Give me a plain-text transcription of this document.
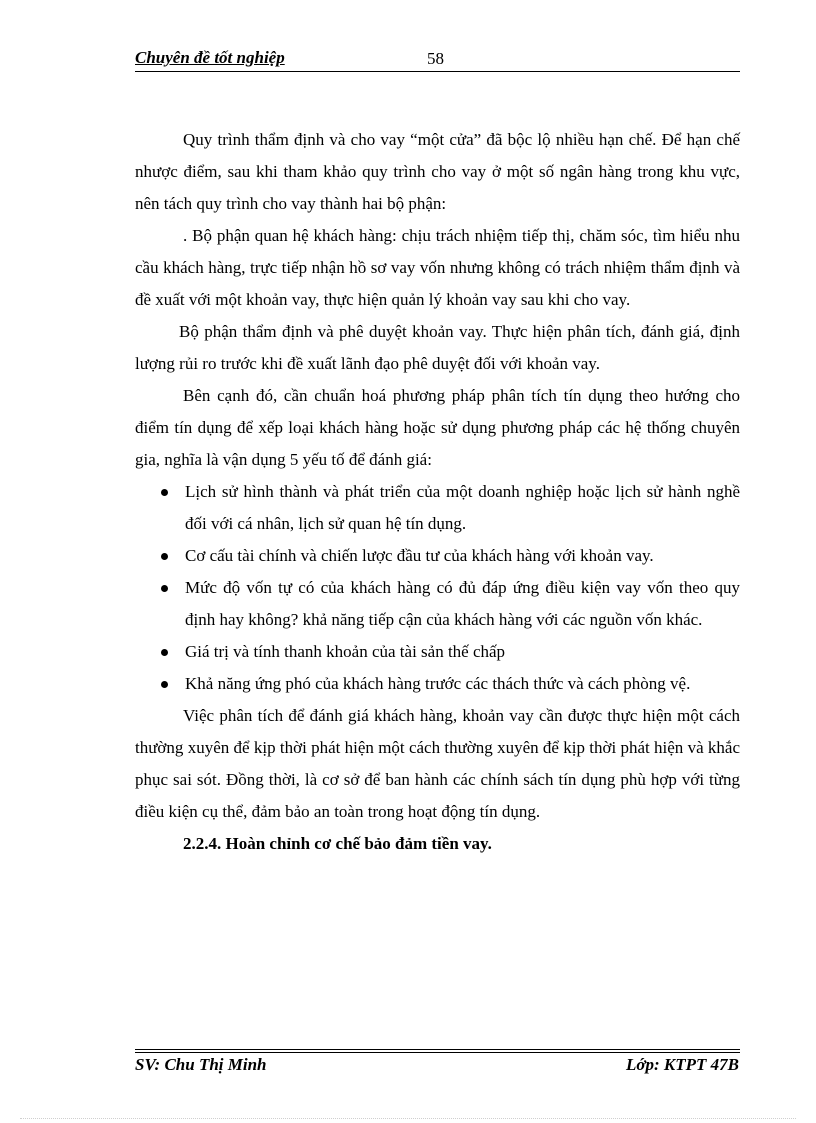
Chuyên đề tốt nghiệp	58

Quy trình thẩm định và cho vay “một cửa” đã bộc lộ nhiều hạn chế. Để hạn chế nhược điểm, sau khi tham khảo quy trình cho vay ở một số ngân hàng trong khu vực, nên tách quy trình cho vay thành hai bộ phận:

. Bộ phận quan hệ khách hàng: chịu trách nhiệm tiếp thị, chăm sóc, tìm hiểu nhu cầu khách hàng, trực tiếp nhận hồ sơ vay vốn nhưng không có trách nhiệm thẩm định và đề xuất với một khoản vay, thực hiện quản lý khoản vay sau khi cho vay.

Bộ phận thẩm định và phê duyệt khoản vay. Thực hiện phân tích, đánh giá, định lượng rủi ro trước khi đề xuất lãnh đạo phê duyệt đối với khoản vay.

Bên cạnh đó, cần chuẩn hoá phương pháp phân tích tín dụng theo hướng cho điểm tín dụng để xếp loại khách hàng hoặc sử dụng phương pháp các hệ thống chuyên gia, nghĩa là vận dụng 5 yếu tố để đánh giá:

Lịch sử hình thành và phát triển của một doanh nghiệp hoặc lịch sử hành nghề đối với cá nhân, lịch sử quan hệ tín dụng.
Cơ cấu tài chính và chiến lược đầu tư của khách hàng với khoản vay.
Mức độ vốn tự có của khách hàng có đủ đáp ứng điều kiện vay vốn theo quy định hay không? khả năng tiếp cận của khách hàng với các nguồn vốn khác.
Giá trị và tính thanh khoản của tài sản thế chấp
Khả năng ứng phó của khách hàng trước các thách thức và cách phòng vệ.

Việc phân tích để đánh giá khách hàng, khoản vay cần được thực hiện một cách thường xuyên để kịp thời phát hiện một cách thường xuyên để kịp thời phát hiện và khắc phục sai sót. Đồng thời, là cơ sở để ban hành các chính sách tín dụng phù hợp với từng điều kiện cụ thể, đảm bảo an toàn trong hoạt động tín dụng.

2.2.4. Hoàn chỉnh cơ chế bảo đảm tiền vay.

SV: Chu Thị Minh	Lớp: KTPT 47B
